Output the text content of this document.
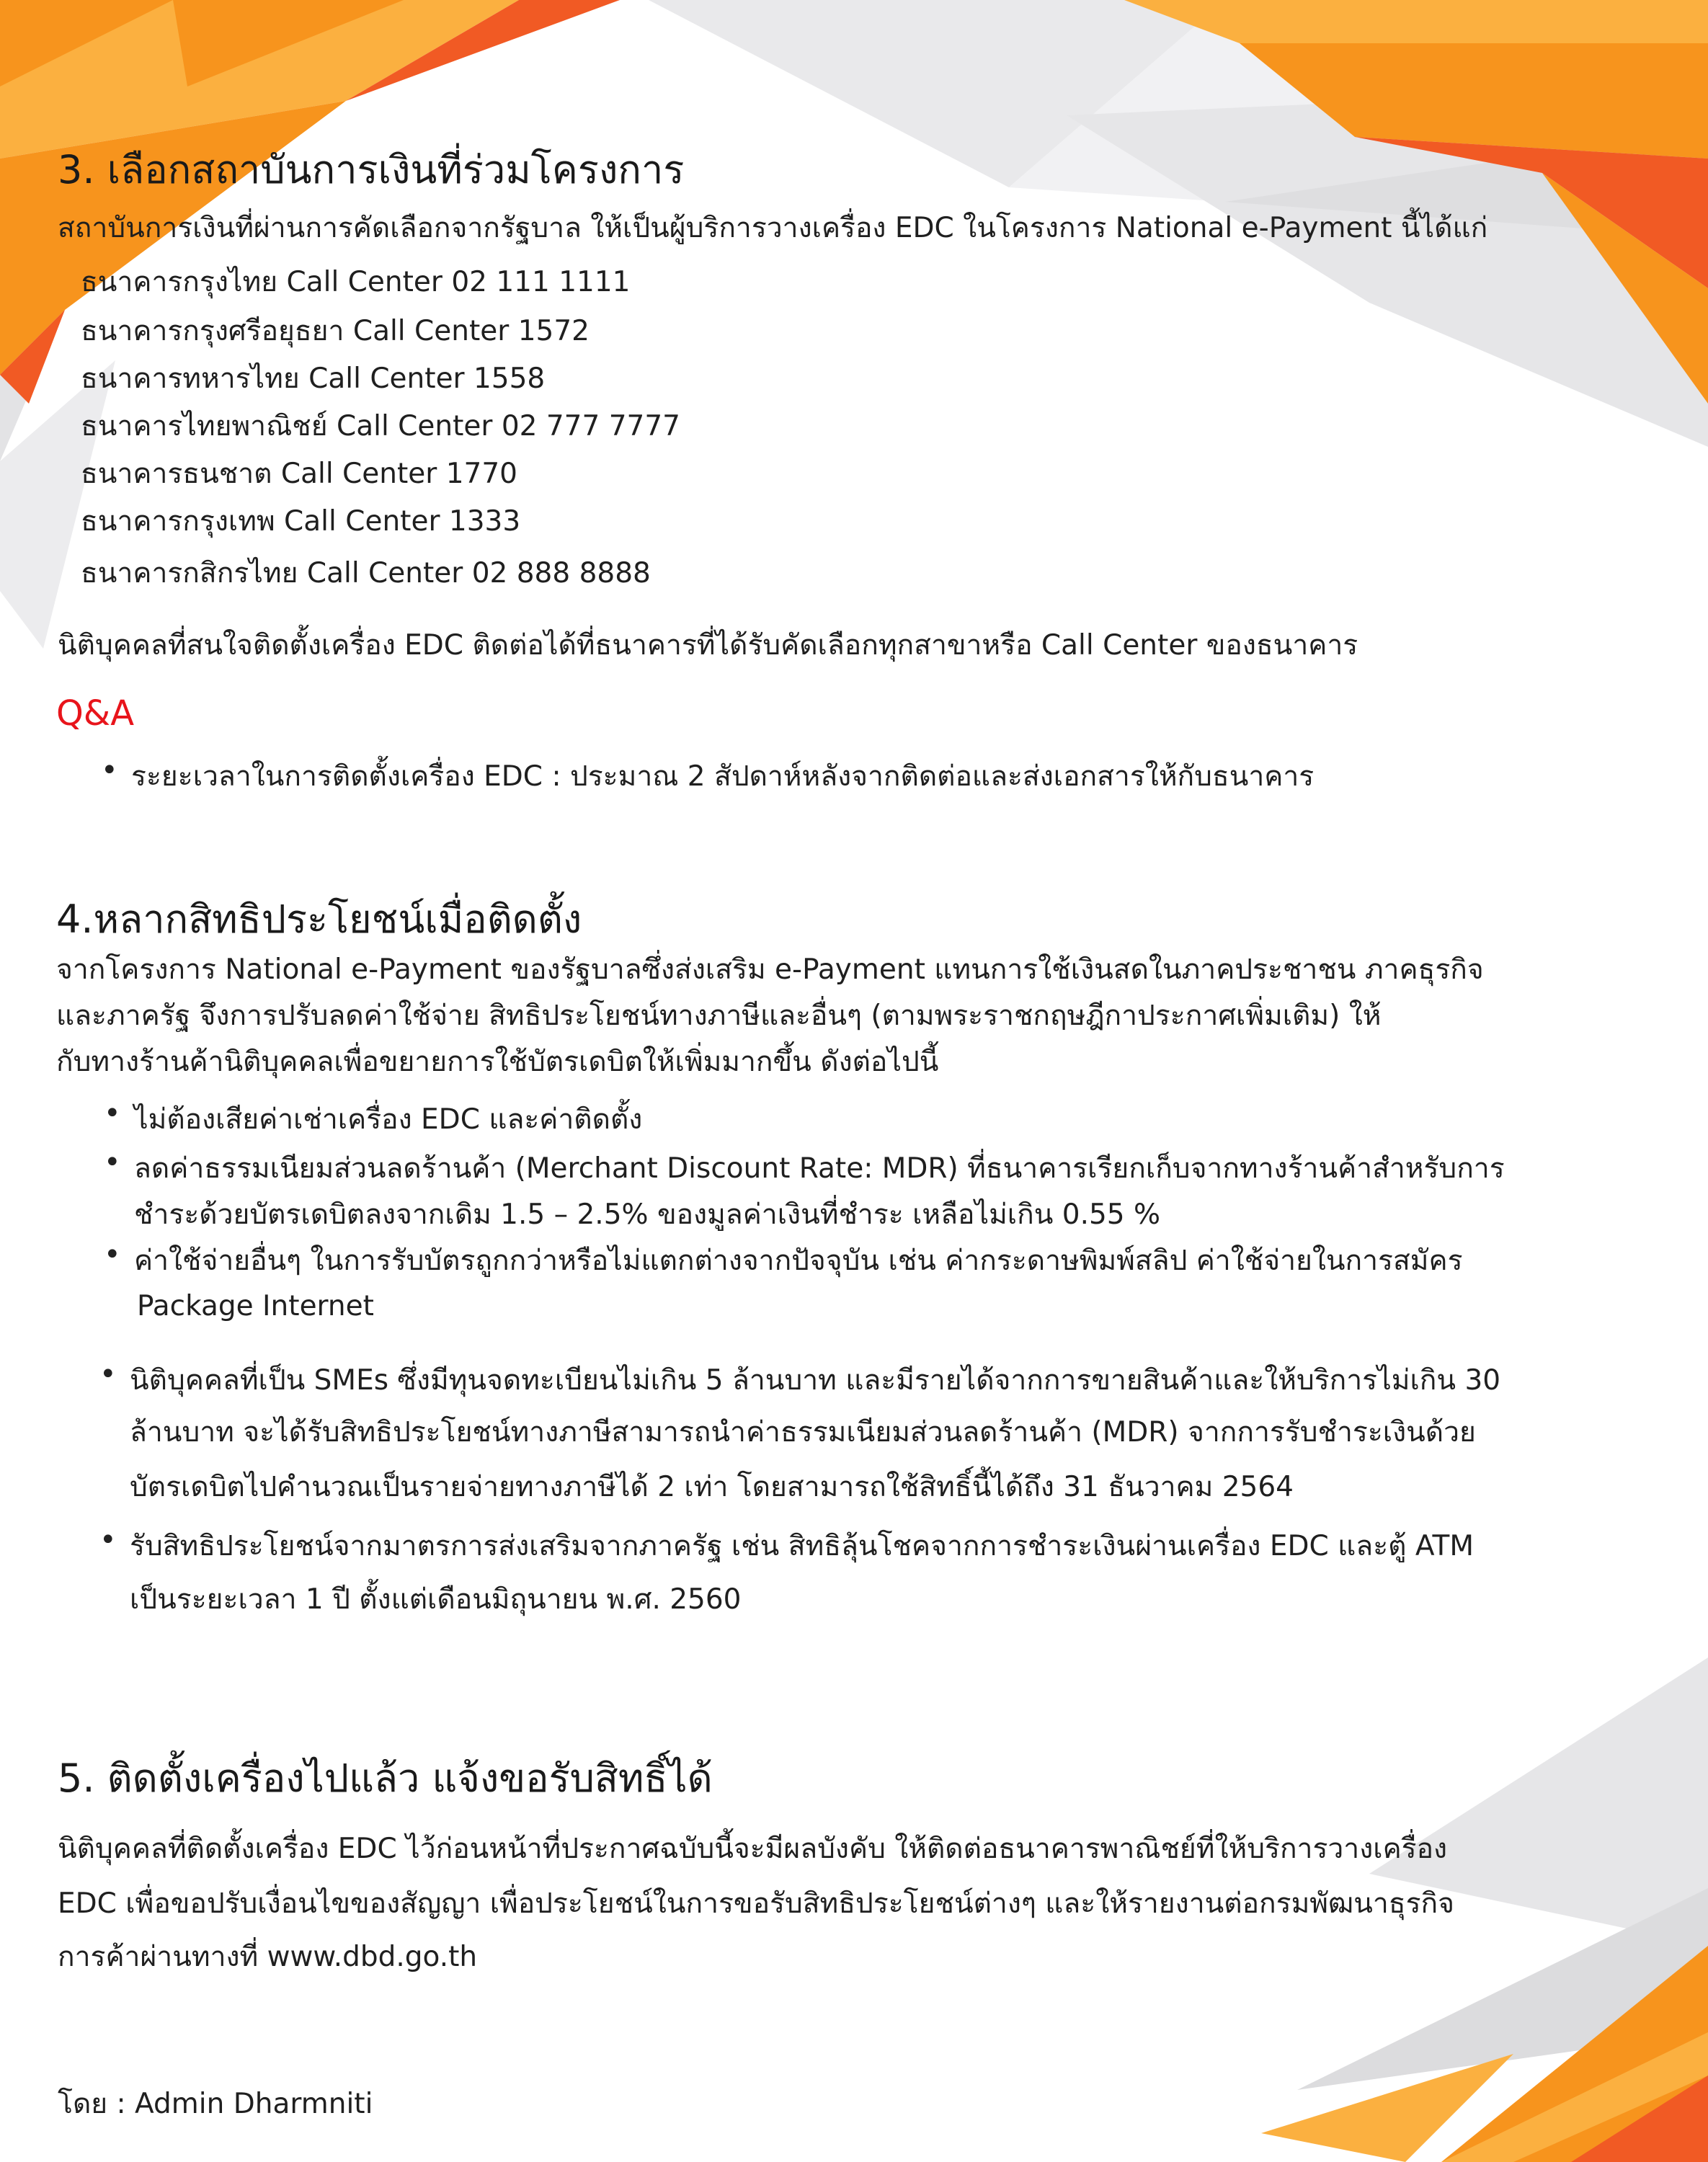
3. เลือกสถาบันการเงินที่ร่วมโครงการ
สถาบันการเงินที่ผ่านการคัดเลือกจากรัฐบาล ให้เป็นผู้บริการวางเครื่อง EDC ในโครงการ National e-Payment นี้ได้แก่
ธนาคารกรุงไทย Call Center 02 111 1111
ธนาคารกรุงศรีอยุธยา Call Center 1572
ธนาคารทหารไทย Call Center 1558
ธนาคารไทยพาณิชย์ Call Center 02 777 7777
ธนาคารธนชาต Call Center 1770
ธนาคารกรุงเทพ Call Center 1333
ธนาคารกสิกรไทย Call Center 02 888 8888
นิติบุคคลที่สนใจติดตั้งเครื่อง EDC ติดต่อได้ที่ธนาคารที่ได้รับคัดเลือกทุกสาขาหรือ Call Center ของธนาคาร
Q&A
• ระยะเวลาในการติดตั้งเครื่อง EDC : ประมาณ 2 สัปดาห์หลังจากติดต่อและส่งเอกสารให้กับธนาคาร
4.หลากสิทธิประโยชน์เมื่อติดตั้ง
จากโครงการ National e-Payment ของรัฐบาลซึ่งส่งเสริม e-Payment แทนการใช้เงินสดในภาคประชาชน ภาคธุรกิจ
และภาครัฐ จึงการปรับลดค่าใช้จ่าย สิทธิประโยชน์ทางภาษีและอื่นๆ (ตามพระราชกฤษฎีกาประกาศเพิ่มเติม) ให้
กับทางร้านค้านิติบุคคลเพื่อขยายการใช้บัตรเดบิตให้เพิ่มมากขึ้น ดังต่อไปนี้
• ไม่ต้องเสียค่าเช่าเครื่อง EDC และค่าติดตั้ง
• ลดค่าธรรมเนียมส่วนลดร้านค้า (Merchant Discount Rate: MDR) ที่ธนาคารเรียกเก็บจากทางร้านค้าสำหรับการ
ชำระด้วยบัตรเดบิตลงจากเดิม 1.5 – 2.5% ของมูลค่าเงินที่ชำระ เหลือไม่เกิน 0.55 %
• ค่าใช้จ่ายอื่นๆ ในการรับบัตรถูกกว่าหรือไม่แตกต่างจากปัจจุบัน เช่น ค่ากระดาษพิมพ์สลิป ค่าใช้จ่ายในการสมัคร
Package Internet
• นิติบุคคลที่เป็น SMEs ซึ่งมีทุนจดทะเบียนไม่เกิน 5 ล้านบาท และมีรายได้จากการขายสินค้าและให้บริการไม่เกิน 30
ล้านบาท จะได้รับสิทธิประโยชน์ทางภาษีสามารถนำค่าธรรมเนียมส่วนลดร้านค้า (MDR) จากการรับชำระเงินด้วย
บัตรเดบิตไปคำนวณเป็นรายจ่ายทางภาษีได้ 2 เท่า โดยสามารถใช้สิทธิ์นี้ได้ถึง 31 ธันวาคม 2564
• รับสิทธิประโยชน์จากมาตรการส่งเสริมจากภาครัฐ เช่น สิทธิลุ้นโชคจากการชำระเงินผ่านเครื่อง EDC และตู้ ATM
เป็นระยะเวลา 1 ปี ตั้งแต่เดือนมิถุนายน พ.ศ. 2560
5. ติดตั้งเครื่องไปแล้ว แจ้งขอรับสิทธิ์ได้
นิติบุคคลที่ติดตั้งเครื่อง EDC ไว้ก่อนหน้าที่ประกาศฉบับนี้จะมีผลบังคับ ให้ติดต่อธนาคารพาณิชย์ที่ให้บริการวางเครื่อง
EDC เพื่อขอปรับเงื่อนไขของสัญญา เพื่อประโยชน์ในการขอรับสิทธิประโยชน์ต่างๆ และให้รายงานต่อกรมพัฒนาธุรกิจ
การค้าผ่านทางที่ www.dbd.go.th
โดย : Admin Dharmniti
